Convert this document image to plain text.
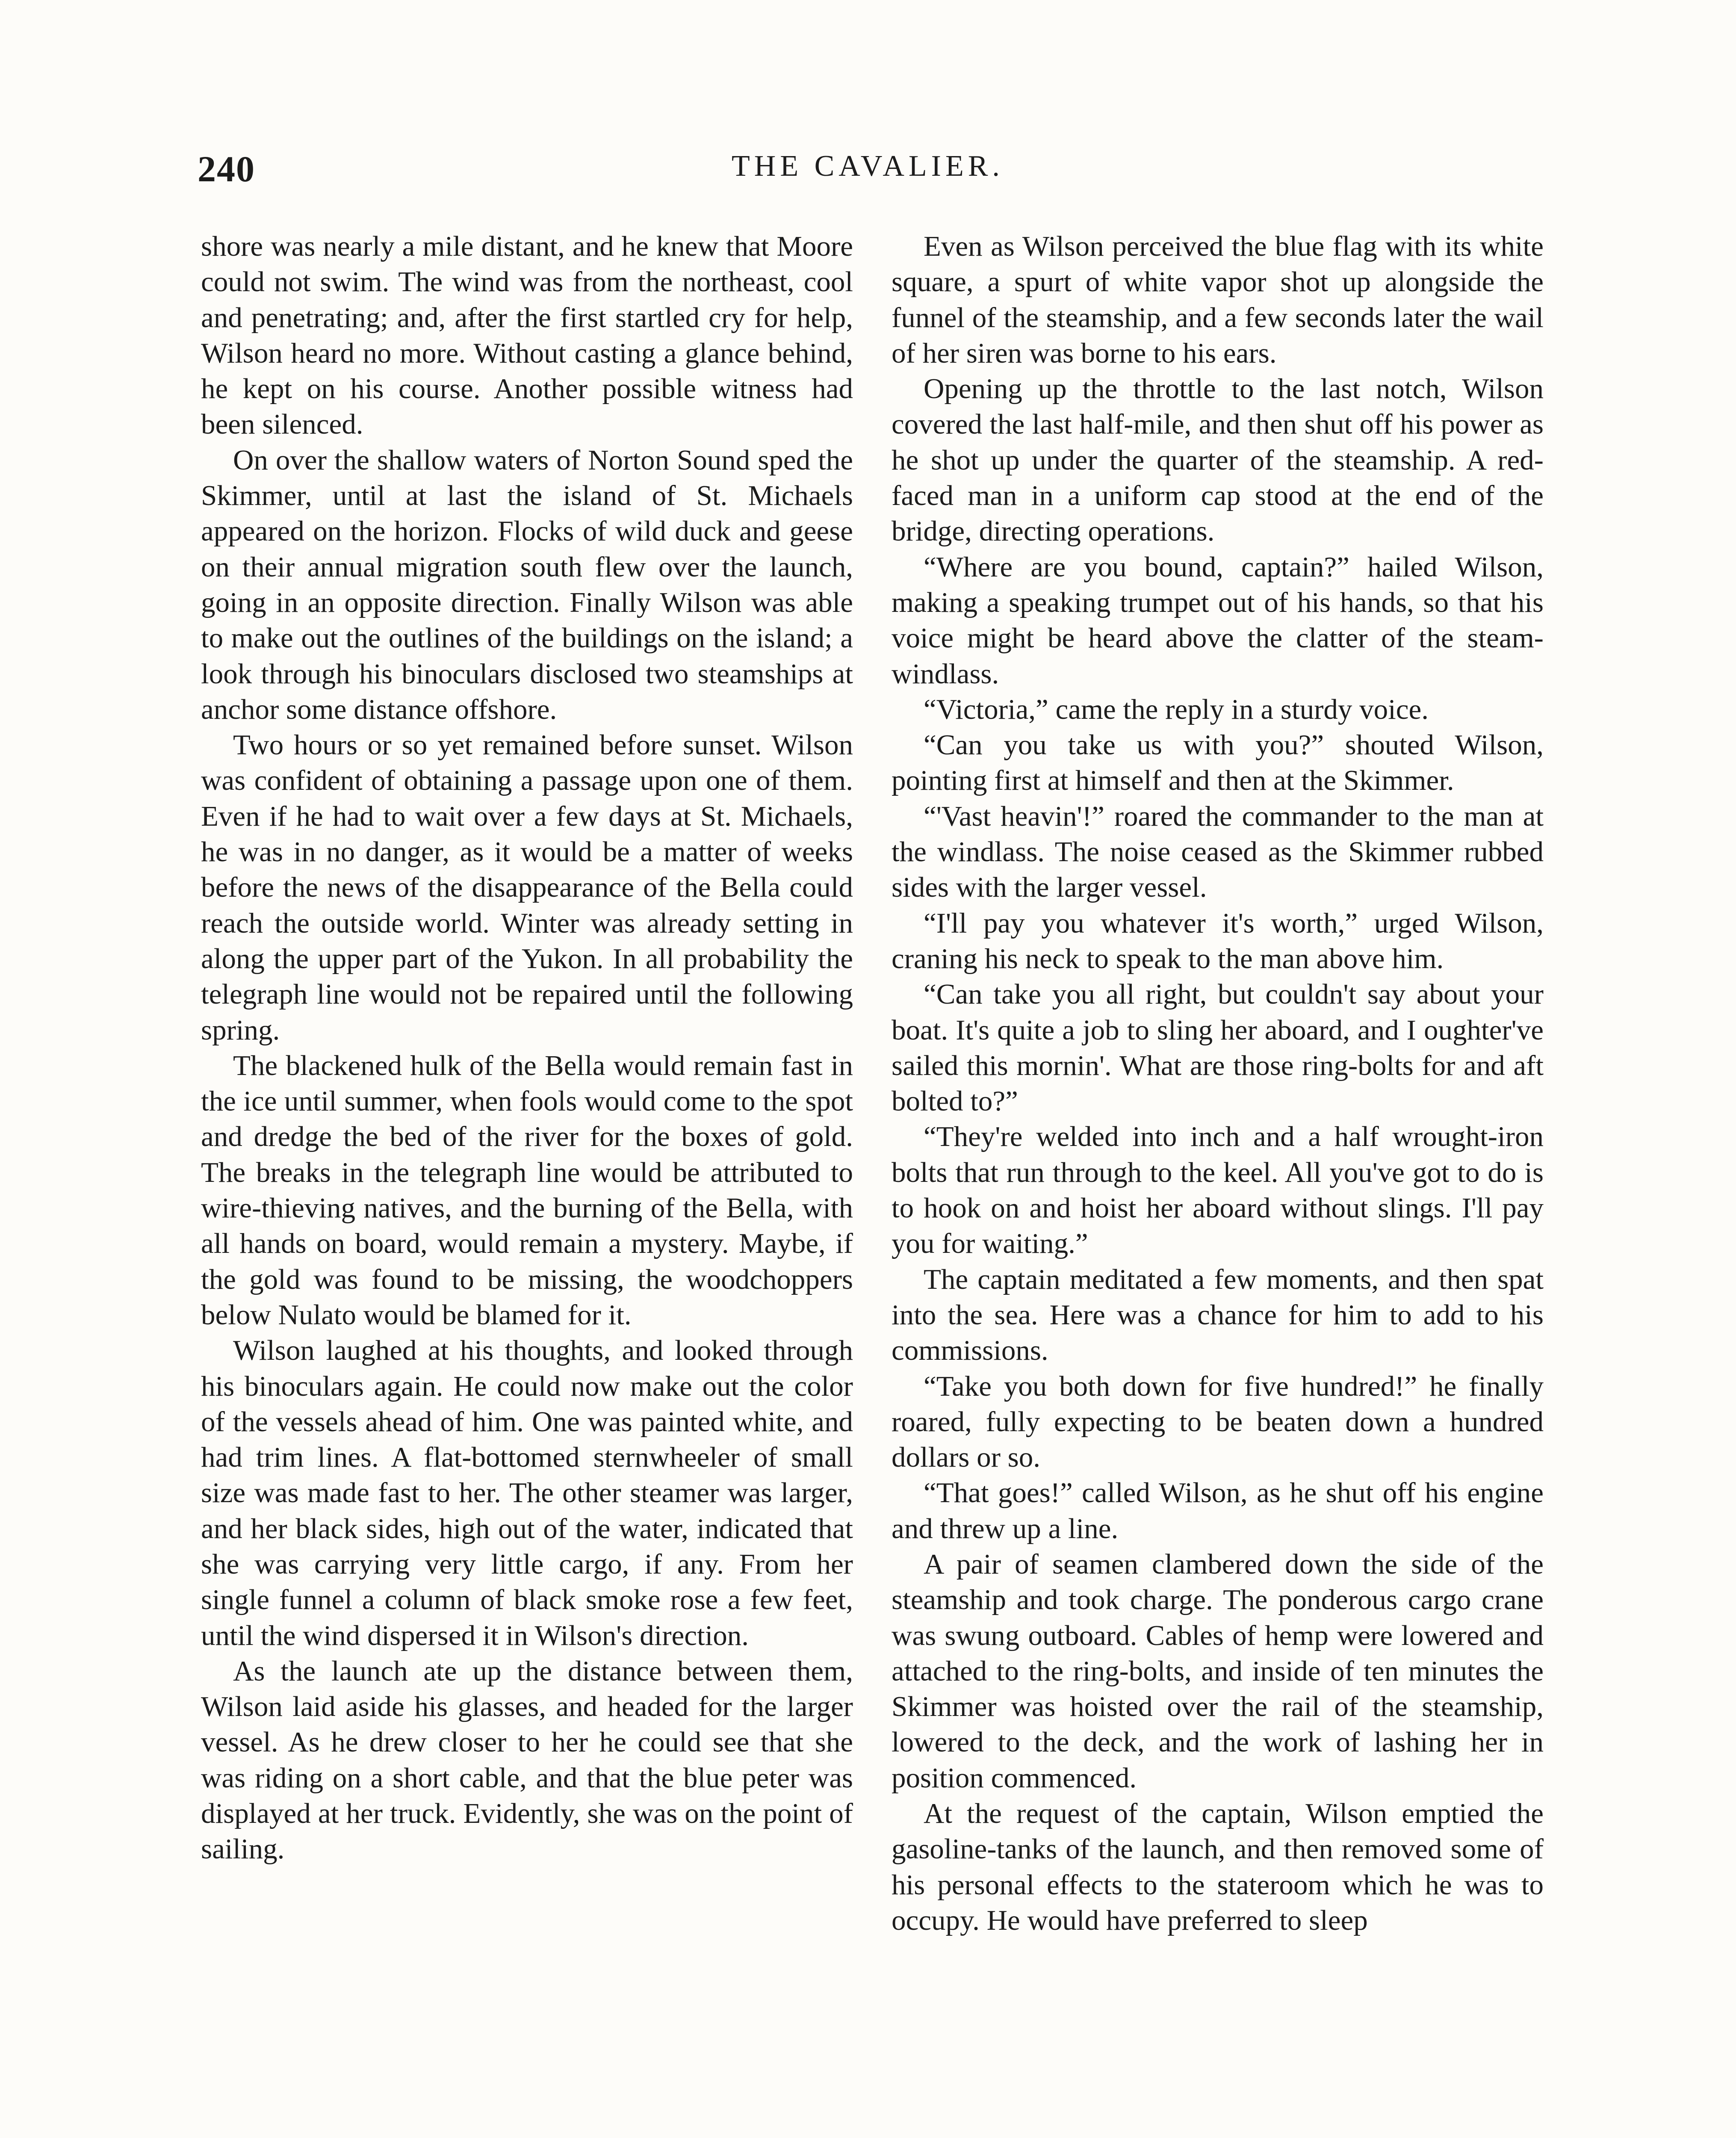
240	THE CAVALIER.

shore was nearly a mile distant, and he knew that Moore could not swim. The wind was from the northeast, cool and penetrating; and, after the first startled cry for help, Wilson heard no more. Without casting a glance behind, he kept on his course. Another possible witness had been silenced.

On over the shallow waters of Norton Sound sped the Skimmer, until at last the island of St. Michaels appeared on the horizon. Flocks of wild duck and geese on their annual migration south flew over the launch, going in an opposite direction. Finally Wilson was able to make out the outlines of the buildings on the island; a look through his binoculars disclosed two steamships at anchor some distance offshore.

Two hours or so yet remained before sunset. Wilson was confident of obtaining a passage upon one of them. Even if he had to wait over a few days at St. Michaels, he was in no danger, as it would be a matter of weeks before the news of the disappearance of the Bella could reach the outside world. Winter was already setting in along the upper part of the Yukon. In all probability the telegraph line would not be repaired until the following spring.

The blackened hulk of the Bella would remain fast in the ice until summer, when fools would come to the spot and dredge the bed of the river for the boxes of gold. The breaks in the telegraph line would be attributed to wire-thieving natives, and the burning of the Bella, with all hands on board, would remain a mystery. Maybe, if the gold was found to be missing, the woodchoppers below Nulato would be blamed for it.

Wilson laughed at his thoughts, and looked through his binoculars again. He could now make out the color of the vessels ahead of him. One was painted white, and had trim lines. A flat-bottomed sternwheeler of small size was made fast to her. The other steamer was larger, and her black sides, high out of the water, indicated that she was carrying very little cargo, if any. From her single funnel a column of black smoke rose a few feet, until the wind dispersed it in Wilson's direction.

As the launch ate up the distance between them, Wilson laid aside his glasses, and headed for the larger vessel. As he drew closer to her he could see that she was riding on a short cable, and that the blue peter was displayed at her truck. Evidently, she was on the point of sailing.

Even as Wilson perceived the blue flag with its white square, a spurt of white vapor shot up alongside the funnel of the steamship, and a few seconds later the wail of her siren was borne to his ears.

Opening up the throttle to the last notch, Wilson covered the last half-mile, and then shut off his power as he shot up under the quarter of the steamship. A red-faced man in a uniform cap stood at the end of the bridge, directing operations.

“Where are you bound, captain?” hailed Wilson, making a speaking trumpet out of his hands, so that his voice might be heard above the clatter of the steam-windlass.

“Victoria,” came the reply in a sturdy voice.

“Can you take us with you?” shouted Wilson, pointing first at himself and then at the Skimmer.

“'Vast heavin'!” roared the commander to the man at the windlass. The noise ceased as the Skimmer rubbed sides with the larger vessel.

“I'll pay you whatever it's worth,” urged Wilson, craning his neck to speak to the man above him.

“Can take you all right, but couldn't say about your boat. It's quite a job to sling her aboard, and I oughter've sailed this mornin'. What are those ring-bolts for and aft bolted to?”

“They're welded into inch and a half wrought-iron bolts that run through to the keel. All you've got to do is to hook on and hoist her aboard without slings. I'll pay you for waiting.”

The captain meditated a few moments, and then spat into the sea. Here was a chance for him to add to his commissions.

“Take you both down for five hundred!” he finally roared, fully expecting to be beaten down a hundred dollars or so.

“That goes!” called Wilson, as he shut off his engine and threw up a line.

A pair of seamen clambered down the side of the steamship and took charge. The ponderous cargo crane was swung outboard. Cables of hemp were lowered and attached to the ring-bolts, and inside of ten minutes the Skimmer was hoisted over the rail of the steamship, lowered to the deck, and the work of lashing her in position commenced.

At the request of the captain, Wilson emptied the gasoline-tanks of the launch, and then removed some of his personal effects to the stateroom which he was to occupy. He would have preferred to sleep
